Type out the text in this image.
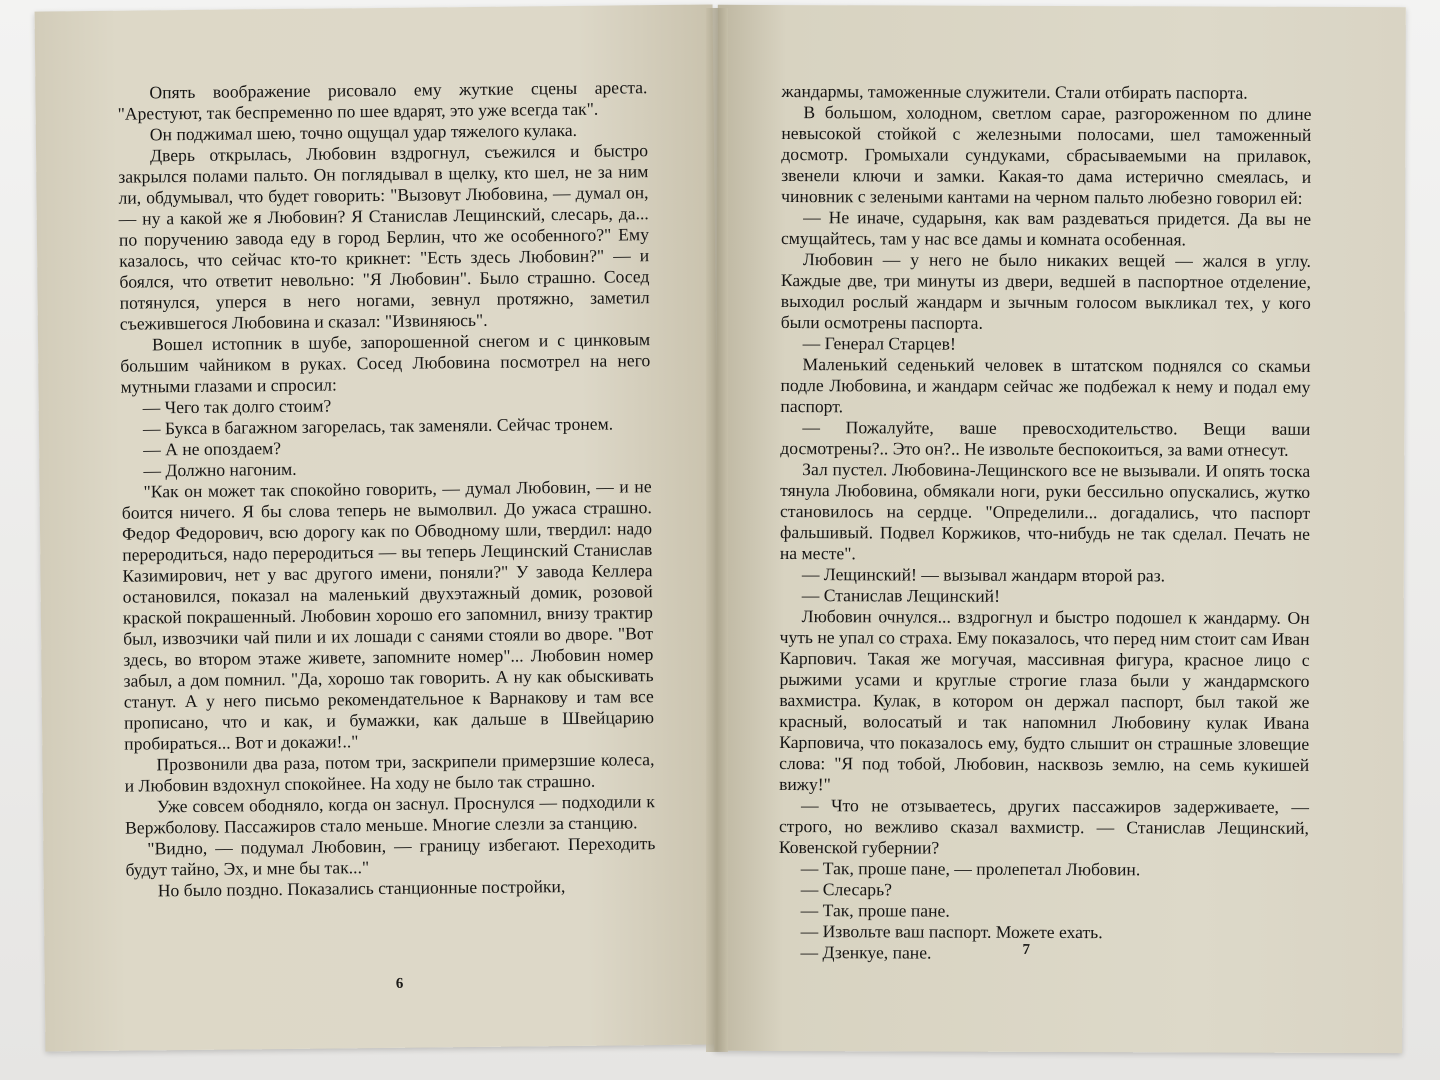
Опять воображение рисовало ему жуткие сцены ареста. "Арестуют, так беспременно по шее вдарят, это уже всегда так".

Он поджимал шею, точно ощущал удар тяжелого кулака.

Дверь открылась, Любовин вздрогнул, съежился и быстро закрылся полами пальто. Он поглядывал в щелку, кто шел, не за ним ли, обдумывал, что будет говорить: "Вызовут Любовина, — думал он, — ну а какой же я Любовин? Я Станислав Лещинский, слесарь, да... по поручению завода еду в город Берлин, что же особенного?" Ему казалось, что сейчас кто-то крикнет: "Есть здесь Любовин?" — и боялся, что ответит невольно: "Я Любовин". Было страшно. Сосед потянулся, уперся в него ногами, зевнул протяжно, заметил съежившегося Любовина и сказал: "Извиняюсь".

Вошел истопник в шубе, запорошенной снегом и с цинковым большим чайником в руках. Сосед Любовина посмотрел на него мутными глазами и спросил:

— Чего так долго стоим?

— Букса в багажном загорелась, так заменяли. Сейчас тронем.

— А не опоздаем?

— Должно нагоним.

"Как он может так спокойно говорить, — думал Любовин, — и не боится ничего. Я бы слова теперь не вымолвил. До ужаса страшно. Федор Федорович, всю дорогу как по Обводному шли, твердил: надо переродиться, надо переродиться — вы теперь Лещинский Станислав Казимирович, нет у вас другого имени, поняли?" У завода Келлера остановился, показал на маленький двухэтажный домик, розовой краской покрашенный. Любовин хорошо его запомнил, внизу трактир был, извозчики чай пили и их лошади с санями стояли во дворе. "Вот здесь, во втором этаже живете, запомните номер"... Любовин номер забыл, а дом помнил. "Да, хорошо так говорить. А ну как обыскивать станут. А у него письмо рекомендательное к Варнакову и там все прописано, что и как, и бумажки, как дальше в Швейцарию пробираться... Вот и докажи!.."

Прозвонили два раза, потом три, заскрипели примерзшие колеса, и Любовин вздохнул спокойнее. На ходу не было так страшно.

Уже совсем ободняло, когда он заснул. Проснулся — подходили к Вержболову. Пассажиров стало меньше. Многие слезли за станцию.

"Видно, — подумал Любовин, — границу избегают. Переходить будут тайно, Эх, и мне бы так..."

Но было поздно. Показались станционные постройки,

6

жандармы, таможенные служители. Стали отбирать паспорта.

В большом, холодном, светлом сарае, разгороженном по длине невысокой стойкой с железными полосами, шел таможенный досмотр. Громыхали сундуками, сбрасываемыми на прилавок, звенели ключи и замки. Какая-то дама истерично смеялась, и чиновник с зелеными кантами на черном пальто любезно говорил ей:

— Не иначе, сударыня, как вам раздеваться придется. Да вы не смущайтесь, там у нас все дамы и комната особенная.

Любовин — у него не было никаких вещей — жался в углу. Каждые две, три минуты из двери, ведшей в паспортное отделение, выходил рослый жандарм и зычным голосом выкликал тех, у кого были осмотрены паспорта.

— Генерал Старцев!

Маленький седенький человек в штатском поднялся со скамьи подле Любовина, и жандарм сейчас же подбежал к нему и подал ему паспорт.

— Пожалуйте, ваше превосходительство. Вещи ваши досмотрены?.. Это он?.. Не извольте беспокоиться, за вами отнесут.

Зал пустел. Любовина-Лещинского все не вызывали. И опять тоска тянула Любовина, обмякали ноги, руки бессильно опускались, жутко становилось на сердце. "Определили... догадались, что паспорт фальшивый. Подвел Коржиков, что-нибудь не так сделал. Печать не на месте".

— Лещинский! — вызывал жандарм второй раз.

— Станислав Лещинский!

Любовин очнулся... вздрогнул и быстро подошел к жандарму. Он чуть не упал со страха. Ему показалось, что перед ним стоит сам Иван Карпович. Такая же могучая, массивная фигура, красное лицо с рыжими усами и круглые строгие глаза были у жандармского вахмистра. Кулак, в котором он держал паспорт, был такой же красный, волосатый и так напомнил Любовину кулак Ивана Карповича, что показалось ему, будто слышит он страшные зловещие слова: "Я под тобой, Любовин, насквозь землю, на семь кукишей вижу!"

— Что не отзываетесь, других пассажиров задерживаете, — строго, но вежливо сказал вахмистр. — Станислав Лещинский, Ковенской губернии?

— Так, проше пане, — пролепетал Любовин.

— Слесарь?

— Так, проше пане.

— Извольте ваш паспорт. Можете ехать.

— Дзенкуе, пане.	7
